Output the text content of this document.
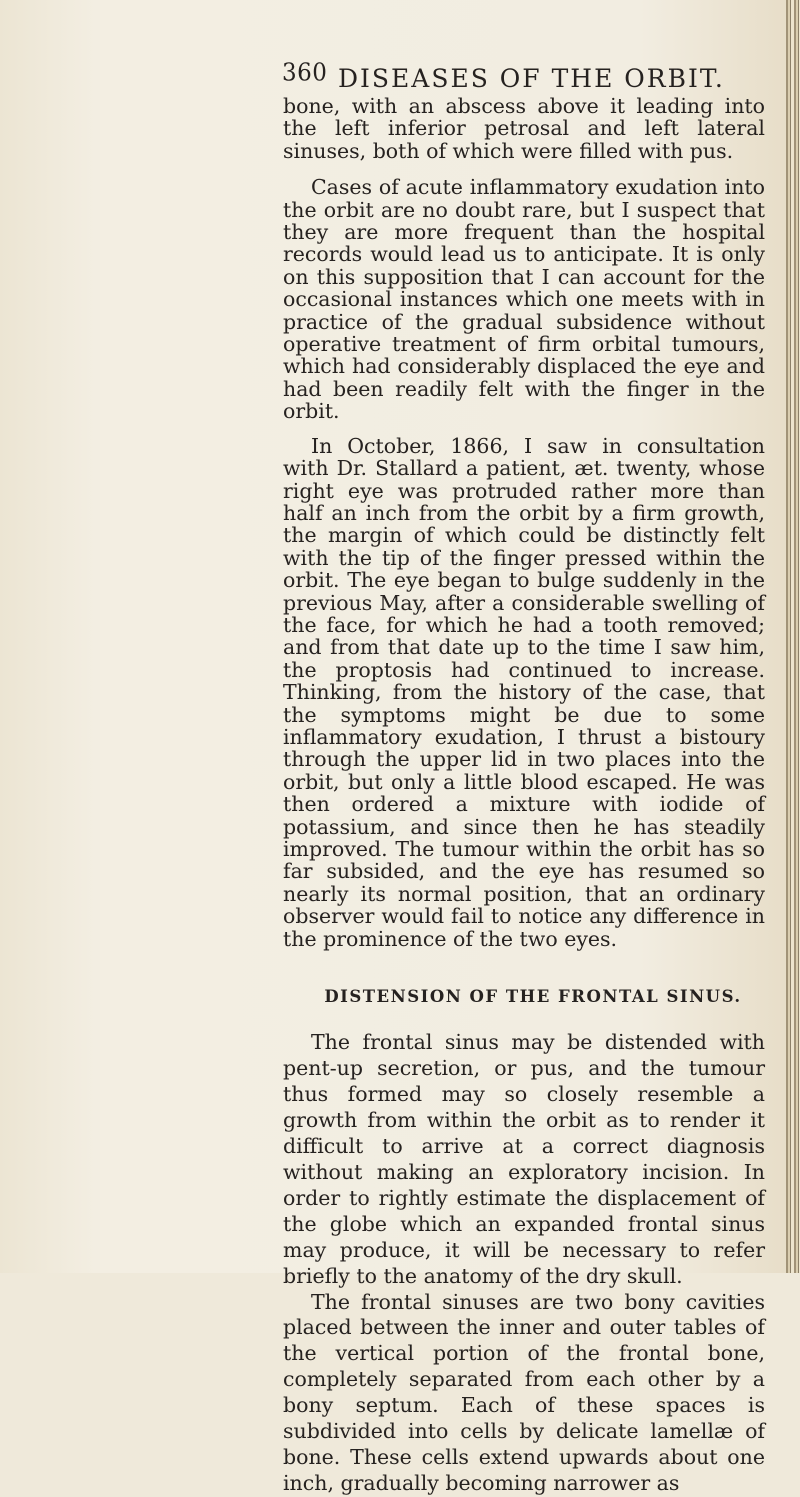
360 DISEASES OF THE ORBIT.

bone, with an abscess above it leading into the left inferior petrosal and left lateral sinuses, both of which were filled with pus.

Cases of acute inflammatory exudation into the orbit are no doubt rare, but I suspect that they are more frequent than the hospital records would lead us to anticipate. It is only on this supposition that I can account for the occasional instances which one meets with in practice of the gradual subsidence without operative treatment of firm orbital tumours, which had considerably displaced the eye and had been readily felt with the finger in the orbit.

In October, 1866, I saw in consultation with Dr. Stallard a patient, æt. twenty, whose right eye was protruded rather more than half an inch from the orbit by a firm growth, the margin of which could be distinctly felt with the tip of the finger pressed within the orbit. The eye began to bulge suddenly in the previous May, after a considerable swelling of the face, for which he had a tooth removed; and from that date up to the time I saw him, the proptosis had continued to increase. Thinking, from the history of the case, that the symptoms might be due to some inflammatory exudation, I thrust a bistoury through the upper lid in two places into the orbit, but only a little blood escaped. He was then ordered a mixture with iodide of potassium, and since then he has steadily improved. The tumour within the orbit has so far subsided, and the eye has resumed so nearly its normal position, that an ordinary observer would fail to notice any difference in the prominence of the two eyes.

DISTENSION OF THE FRONTAL SINUS.

The frontal sinus may be distended with pent-up secretion, or pus, and the tumour thus formed may so closely resemble a growth from within the orbit as to render it difficult to arrive at a correct diagnosis without making an exploratory incision. In order to rightly estimate the displacement of the globe which an expanded frontal sinus may produce, it will be necessary to refer briefly to the anatomy of the dry skull.

The frontal sinuses are two bony cavities placed between the inner and outer tables of the vertical portion of the frontal bone, completely separated from each other by a bony septum. Each of these spaces is subdivided into cells by delicate lamellæ of bone. These cells extend upwards about one inch, gradually becoming narrower as
